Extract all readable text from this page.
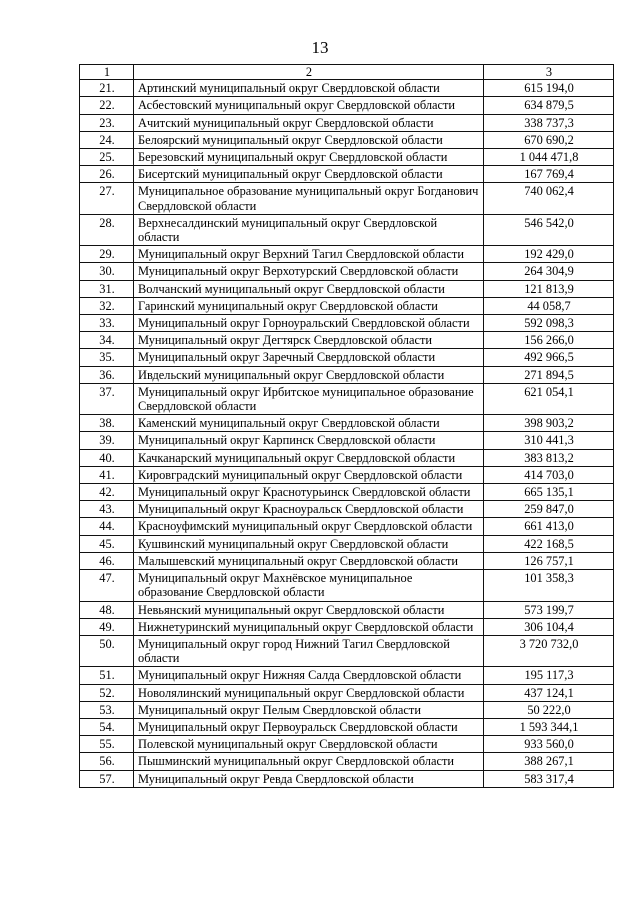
13
1	2	3
21.	Артинский муниципальный округ Свердловской области	615 194,0
22.	Асбестовский муниципальный округ Свердловской области	634 879,5
23.	Ачитский муниципальный округ Свердловской области	338 737,3
24.	Белоярский муниципальный округ Свердловской области	670 690,2
25.	Березовский муниципальный округ Свердловской области	1 044 471,8
26.	Бисертский муниципальный округ Свердловской области	167 769,4
27.	Муниципальное образование муниципальный округ Богданович Свердловской области	740 062,4
28.	Верхнесалдинский муниципальный округ Свердловской области	546 542,0
29.	Муниципальный округ Верхний Тагил Свердловской области	192 429,0
30.	Муниципальный округ Верхотурский Свердловской области	264 304,9
31.	Волчанский муниципальный округ Свердловской области	121 813,9
32.	Гаринский муниципальный округ Свердловской области	44 058,7
33.	Муниципальный округ Горноуральский Свердловской области	592 098,3
34.	Муниципальный округ Дегтярск Свердловской области	156 266,0
35.	Муниципальный округ Заречный Свердловской области	492 966,5
36.	Ивдельский муниципальный округ Свердловской области	271 894,5
37.	Муниципальный округ Ирбитское муниципальное образование Свердловской области	621 054,1
38.	Каменский муниципальный округ Свердловской области	398 903,2
39.	Муниципальный округ Карпинск Свердловской области	310 441,3
40.	Качканарский муниципальный округ Свердловской области	383 813,2
41.	Кировградский муниципальный округ Свердловской области	414 703,0
42.	Муниципальный округ Краснотурьинск Свердловской области	665 135,1
43.	Муниципальный округ Красноуральск Свердловской области	259 847,0
44.	Красноуфимский муниципальный округ Свердловской области	661 413,0
45.	Кушвинский муниципальный округ Свердловской области	422 168,5
46.	Малышевский муниципальный округ Свердловской области	126 757,1
47.	Муниципальный округ Махнёвское муниципальное образование Свердловской области	101 358,3
48.	Невьянский муниципальный округ Свердловской области	573 199,7
49.	Нижнетуринский муниципальный округ Свердловской области	306 104,4
50.	Муниципальный округ город Нижний Тагил Свердловской области	3 720 732,0
51.	Муниципальный округ Нижняя Салда Свердловской области	195 117,3
52.	Новолялинский муниципальный округ Свердловской области	437 124,1
53.	Муниципальный округ Пелым Свердловской области	50 222,0
54.	Муниципальный округ Первоуральск Свердловской области	1 593 344,1
55.	Полевской муниципальный округ Свердловской области	933 560,0
56.	Пышминский муниципальный округ Свердловской области	388 267,1
57.	Муниципальный округ Ревда Свердловской области	583 317,4
